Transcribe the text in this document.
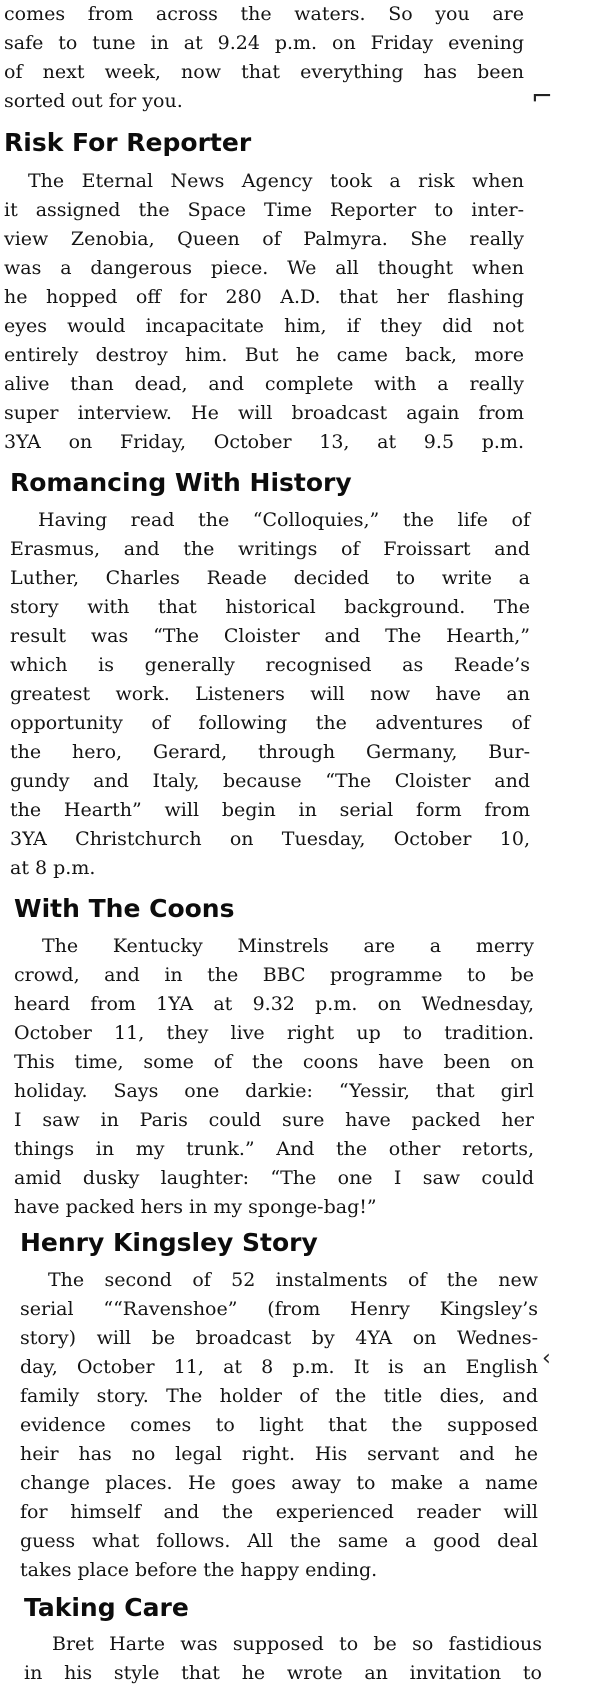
comes from across the waters. So you are
safe to tune in at 9.24 p.m. on Friday evening
of next week, now that everything has been
sorted out for you.	⌐
Risk For Reporter
The Eternal News Agency took a risk when
it assigned the Space Time Reporter to inter-
view Zenobia, Queen of Palmyra. She really
was a dangerous piece. We all thought when
he hopped off for 280 A.D. that her flashing
eyes would incapacitate him, if they did not
entirely destroy him. But he came back, more
alive than dead, and complete with a really
super interview. He will broadcast again from
3YA on Friday, October 13, at 9.5 p.m.
Romancing With History
Having read the “Colloquies,” the life of
Erasmus, and the writings of Froissart and
Luther, Charles Reade decided to write a
story with that historical background. The
result was “The Cloister and The Hearth,”
which is generally recognised as Reade’s
greatest work. Listeners will now have an
opportunity of following the adventures of
the hero, Gerard, through Germany, Bur-
gundy and Italy, because “The Cloister and
the Hearth” will begin in serial form from
3YA Christchurch on Tuesday, October 10,
at 8 p.m.
With The Coons
The Kentucky Minstrels are a merry
crowd, and in the BBC programme to be
heard from 1YA at 9.32 p.m. on Wednesday,
October 11, they live right up to tradition.
This time, some of the coons have been on
holiday. Says one darkie: “Yessir, that girl
I saw in Paris could sure have packed her
things in my trunk.” And the other retorts,
amid dusky laughter: “The one I saw could
have packed hers in my sponge-bag!”
Henry Kingsley Story
The second of 52 instalments of the new
serial ““Ravenshoe” (from Henry Kingsley’s
story) will be broadcast by 4YA on Wednes-
day, October 11, at 8 p.m. It is an English
family story. The holder of the title dies, and
evidence comes to light that the supposed
heir has no legal right. His servant and he
change places. He goes away to make a name
for himself and the experienced reader will
guess what follows. All the same a good deal
takes place before the happy ending.
‹
Taking Care
Bret Harte was supposed to be so fastidious
in his style that he wrote an invitation to
